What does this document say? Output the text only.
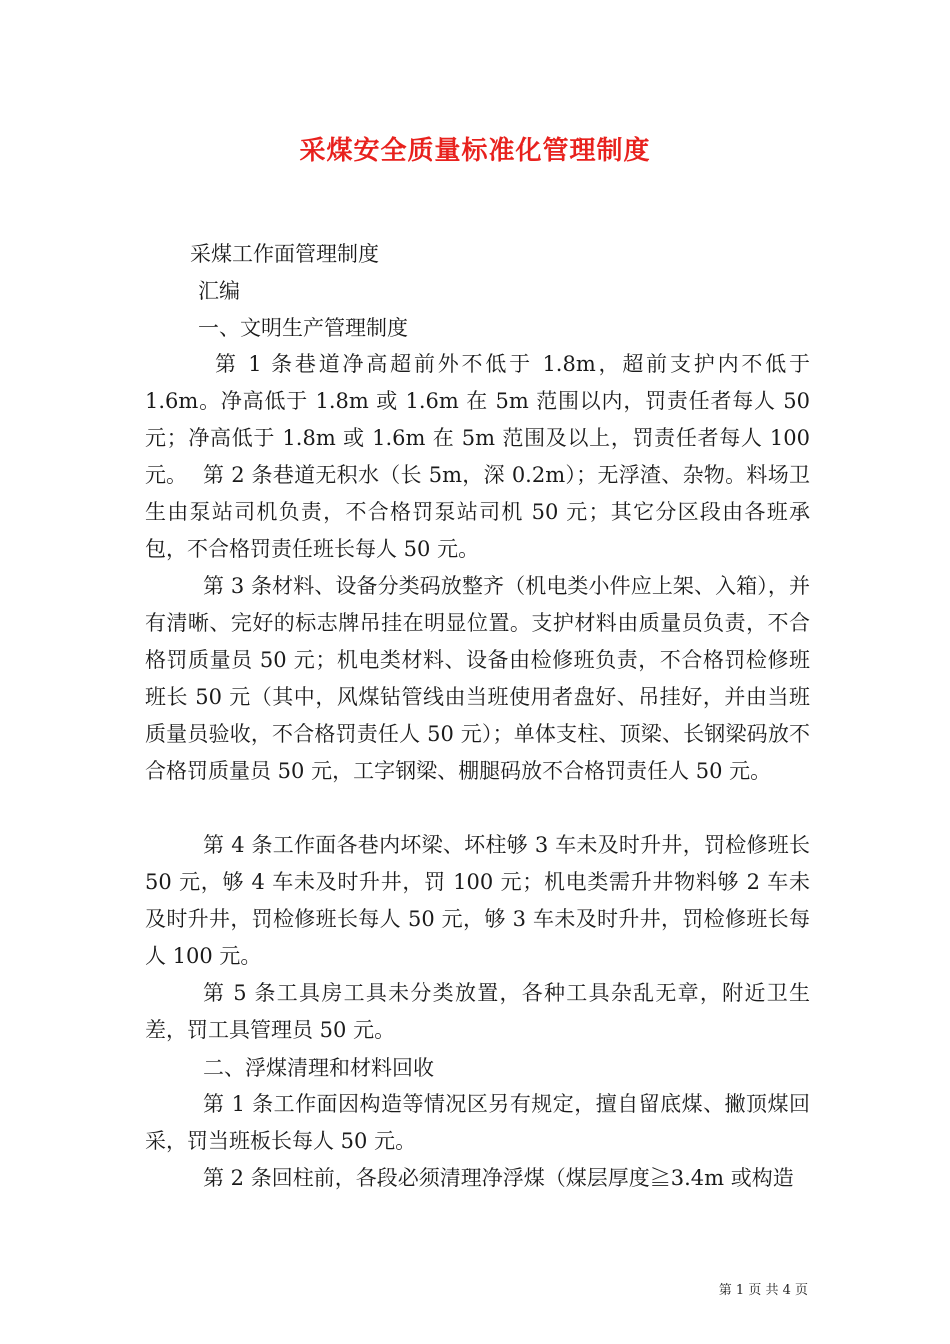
采煤安全质量标准化管理制度

采煤工作面管理制度

汇编

一、文明生产管理制度

第 1 条巷道净高超前外不低于 1.8m，超前支护内不低于 1.6m。净高低于 1.8m 或 1.6m 在 5m 范围以内，罚责任者每人 50 元；净高低于 1.8m 或 1.6m 在 5m 范围及以上，罚责任者每人 100 元。 第 2 条巷道无积水（长 5m，深 0.2m）；无浮渣、杂物。料场卫生由泵站司机负责，不合格罚泵站司机 50 元；其它分区段由各班承包，不合格罚责任班长每人 50 元。

第 3 条材料、设备分类码放整齐（机电类小件应上架、入箱），并有清晰、完好的标志牌吊挂在明显位置。支护材料由质量员负责，不合格罚质量员 50 元；机电类材料、设备由检修班负责，不合格罚检修班班长 50 元（其中，风煤钻管线由当班使用者盘好、吊挂好，并由当班质量员验收，不合格罚责任人 50 元）；单体支柱、顶梁、长钢梁码放不合格罚质量员 50 元，工字钢梁、棚腿码放不合格罚责任人 50 元。

第 4 条工作面各巷内坏梁、坏柱够 3 车未及时升井，罚检修班长 50 元，够 4 车未及时升井，罚 100 元；机电类需升井物料够 2 车未及时升井，罚检修班长每人 50 元，够 3 车未及时升井，罚检修班长每人 100 元。

第 5 条工具房工具未分类放置，各种工具杂乱无章，附近卫生差，罚工具管理员 50 元。

二、浮煤清理和材料回收

第 1 条工作面因构造等情况区另有规定，擅自留底煤、撇顶煤回采，罚当班板长每人 50 元。

第 2 条回柱前，各段必须清理净浮煤（煤层厚度≧3.4m 或构造

第 1 页 共 4 页
